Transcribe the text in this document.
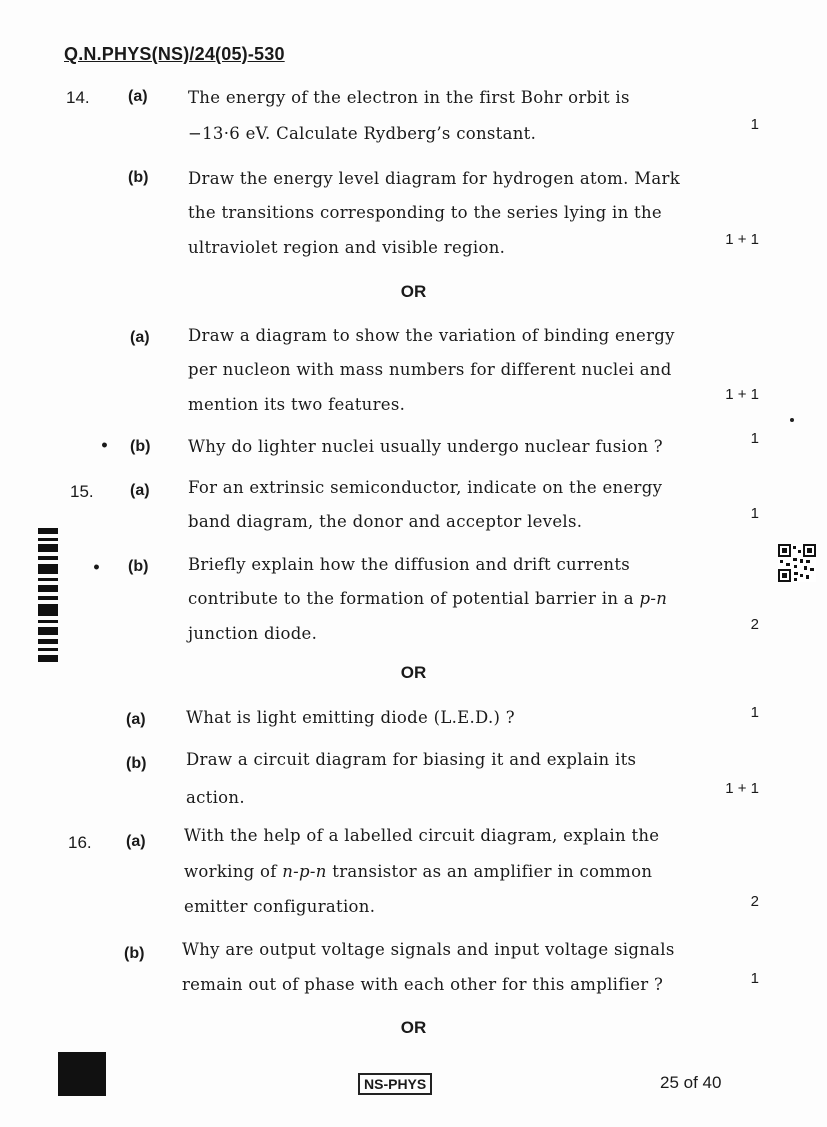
Q.N.PHYS(NS)/24(05)-530
14. (a) The energy of the electron in the first Bohr orbit is
−13·6 eV. Calculate Rydberg’s constant.	1
(b) Draw the energy level diagram for hydrogen atom. Mark
the transitions corresponding to the series lying in the
ultraviolet region and visible region.	1 + 1
OR
(a) Draw a diagram to show the variation of binding energy
per nucleon with mass numbers for different nuclei and
mention its two features.
1 + 1
• (b) Why do lighter nuclei usually undergo nuclear fusion ?	1
15. (a) For an extrinsic semiconductor, indicate on the energy
band diagram, the donor and acceptor levels.	1
• (b) Briefly explain how the diffusion and drift currents
contribute to the formation of potential barrier in a p-n
junction diode.	2
OR
(a) What is light emitting diode (L.E.D.) ?	1
(b) Draw a circuit diagram for biasing it and explain its
action.	1 + 1
16. (a) With the help of a labelled circuit diagram, explain the
working of n-p-n transistor as an amplifier in common
emitter configuration.	2
(b) Why are output voltage signals and input voltage signals
remain out of phase with each other for this amplifier ?	1
OR
NS-PHYS	25 of 40
